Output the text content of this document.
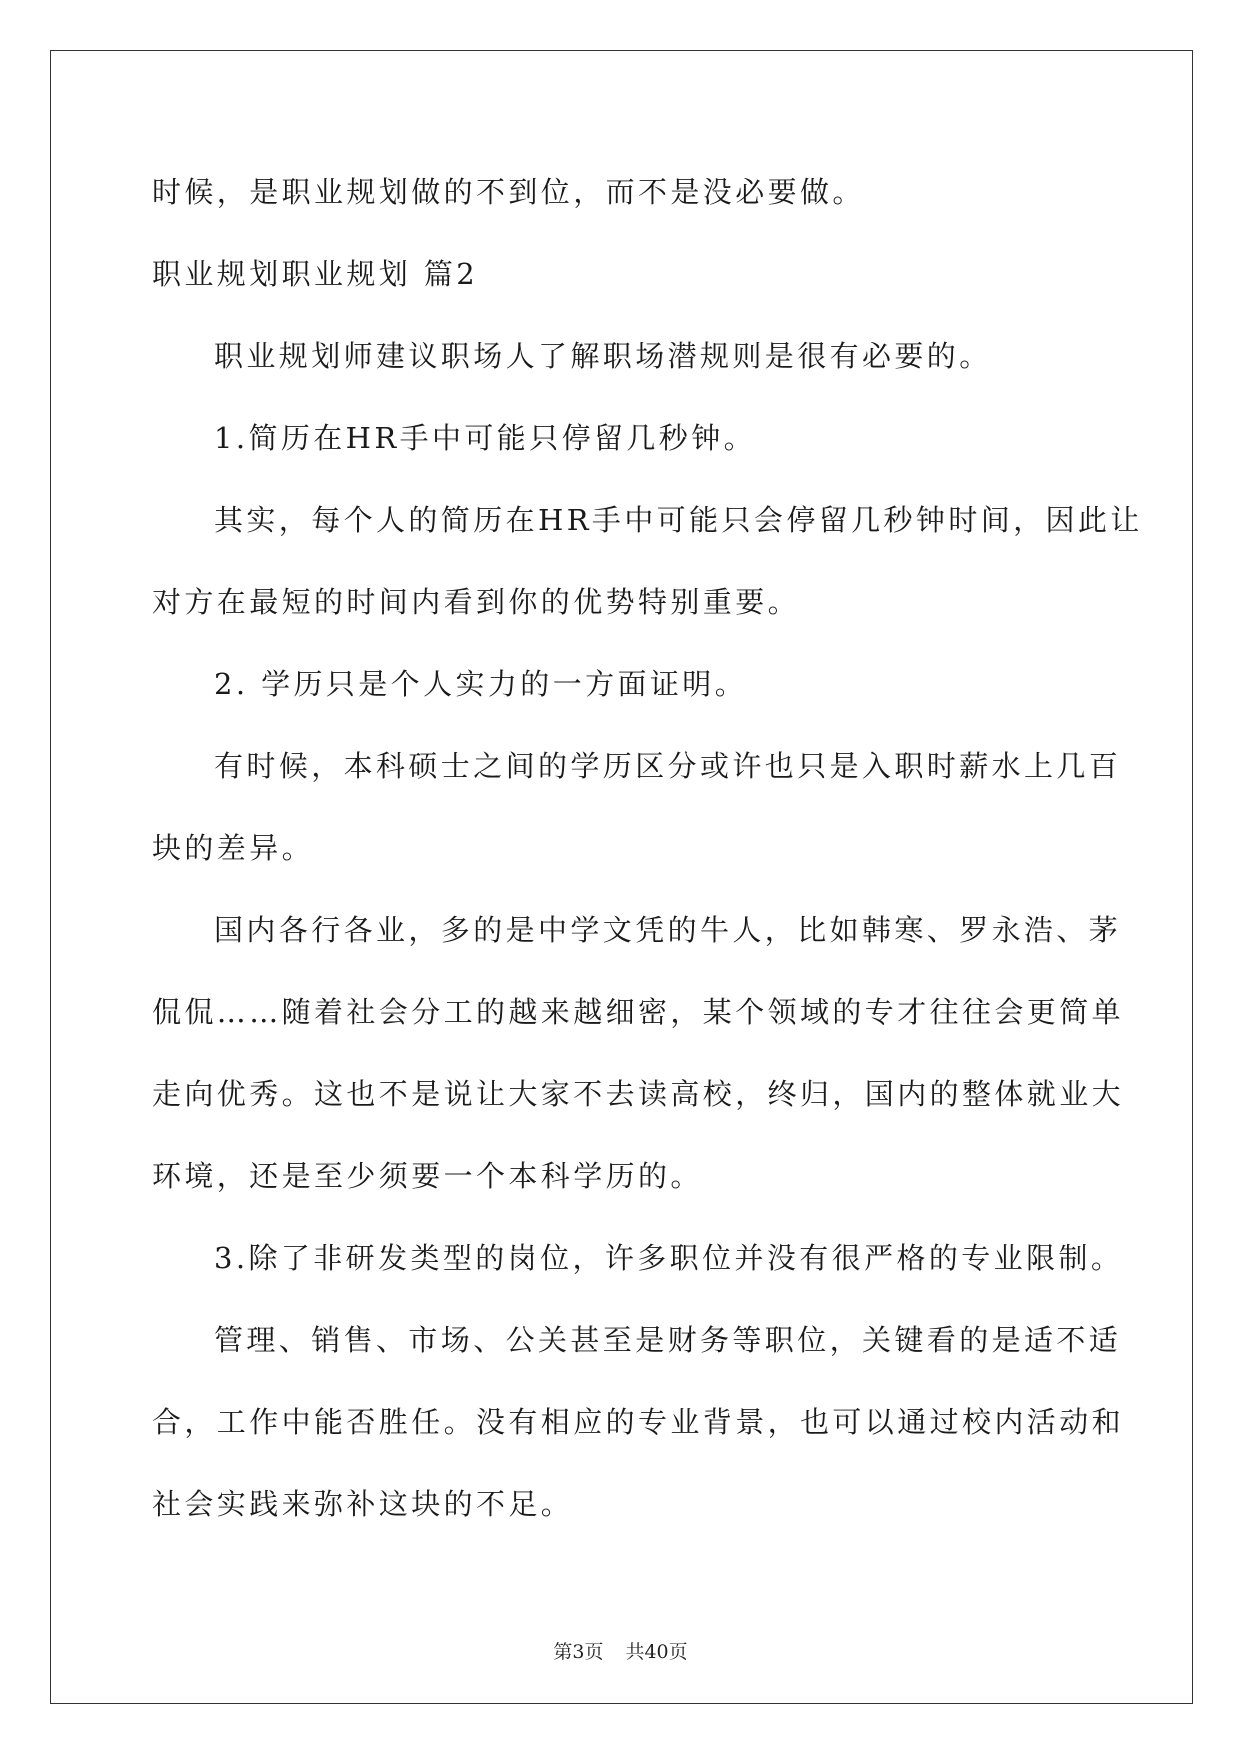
时候，是职业规划做的不到位，而不是没必要做。
职业规划职业规划 篇2
职业规划师建议职场人了解职场潜规则是很有必要的。
1.简历在HR手中可能只停留几秒钟。
其实，每个人的简历在HR手中可能只会停留几秒钟时间，因此让
对方在最短的时间内看到你的优势特别重要。
2. 学历只是个人实力的一方面证明。
有时候，本科硕士之间的学历区分或许也只是入职时薪水上几百
块的差异。
国内各行各业，多的是中学文凭的牛人，比如韩寒、罗永浩、茅
侃侃……随着社会分工的越来越细密，某个领域的专才往往会更简单
走向优秀。这也不是说让大家不去读高校，终归，国内的整体就业大
环境，还是至少须要一个本科学历的。
3.除了非研发类型的岗位，许多职位并没有很严格的专业限制。
管理、销售、市场、公关甚至是财务等职位，关键看的是适不适
合，工作中能否胜任。没有相应的专业背景，也可以通过校内活动和
社会实践来弥补这块的不足。
第3页 共40页
